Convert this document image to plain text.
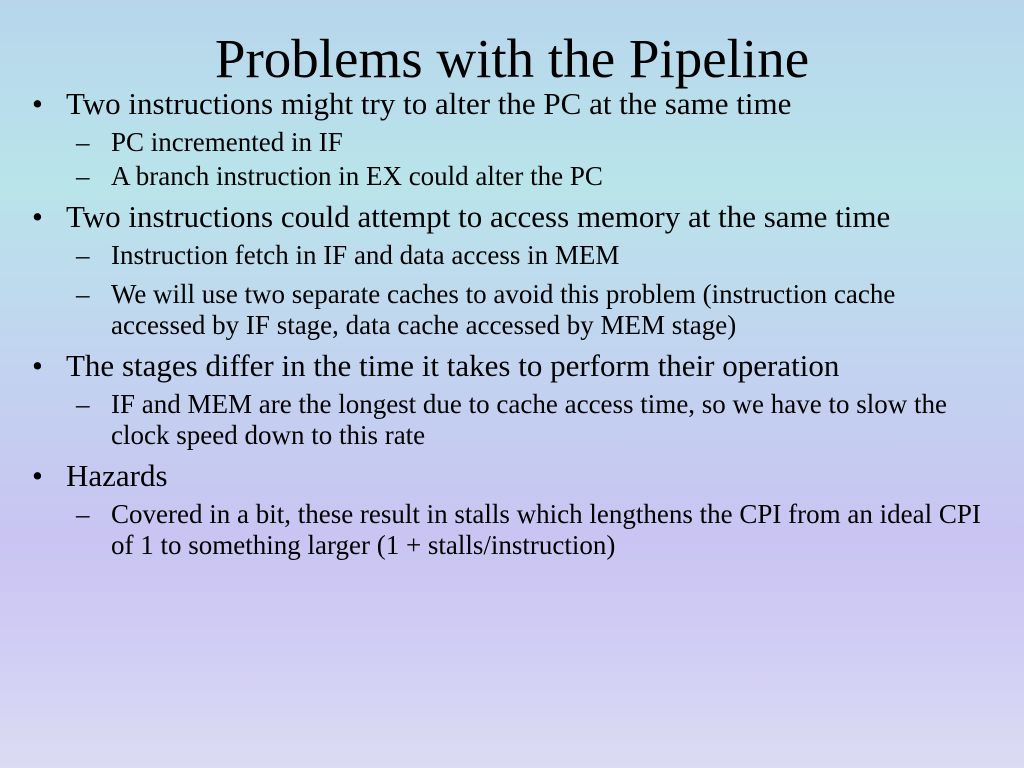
Problems with the Pipeline
• Two instructions might try to alter the PC at the same time
– PC incremented in IF
– A branch instruction in EX could alter the PC
• Two instructions could attempt to access memory at the same time
– Instruction fetch in IF and data access in MEM
– We will use two separate caches to avoid this problem (instruction cache accessed by IF stage, data cache accessed by MEM stage)
• The stages differ in the time it takes to perform their operation
– IF and MEM are the longest due to cache access time, so we have to slow the clock speed down to this rate
• Hazards
– Covered in a bit, these result in stalls which lengthens the CPI from an ideal CPI of 1 to something larger (1 + stalls/instruction)
